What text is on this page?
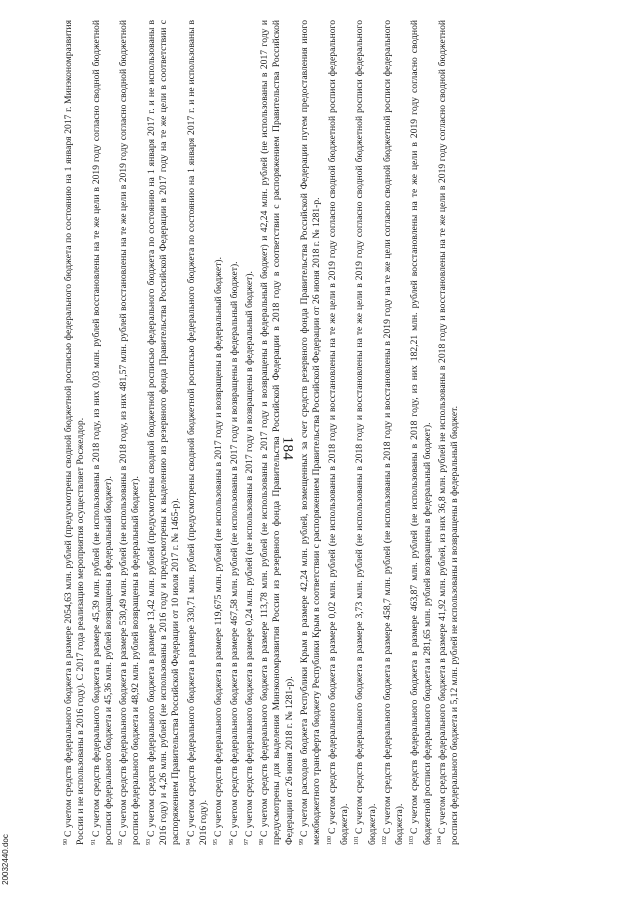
184
20032440.doc	$^{90}$С учетом средств федерального бюджета в размере 2054,63 млн. рублей (предусмотрены сводной бюджетной росписью федерального бюджета по состоянию на 1 января 2017 г. Минэкономразвития России и не использованы в 2016 году). С 2017 года реализацию мероприятия осуществляет Росжелдор. $^{91}$С учетом средств федерального бюджета в размере 45,39 млн. рублей (не использованы в 2018 году, из них 0,03 млн. рублей восстановлены на те же цели в 2019 году согласно сводной бюджетной росписи федерального бюджета и 45,36 млн. рублей возвращены в федеральный бюджет). $^{92}$С учетом средств федерального бюджета в размере 530,49 млн. рублей (не использованы в 2018 году, из них 481,57 млн. рублей восстановлены на те же цели в 2019 году согласно сводной бюджетной росписи федерального бюджета и 48,92 млн. рублей возвращены в федеральный бюджет). $^{93}$С учетом средств федерального бюджета в размере 13,42 млн. рублей (предусмотрены сводной бюджетной росписью федерального бюджета по состоянию на 1 января 2017 г. и не использованы в 2016 году) и 4,26 млн. рублей (не использованы в 2016 году и предусмотрены к выделению из резервного фонда Правительства Российской Федерации в 2017 году на те же цели в соответствии с распоряжением Правительства Российской Федерации от 10 июля 2017 г. № 1465-р). $^{94}$С учетом средств федерального бюджета в размере 330,71 млн. рублей (предусмотрены сводной бюджетной росписью федерального бюджета по состоянию на 1 января 2017 г. и не использованы в 2016 году). $^{95}$С учетом средств федерального бюджета в размере 119,675 млн. рублей (не использованы в 2017 году и возвращены в федеральный бюджет).

$^{96}$С учетом средств федерального бюджета в размере 467,58 млн. рублей (не использованы в 2017 году и возвращены в федеральный бюджет).

$^{97}$С учетом средств федерального бюджета в размере 0,24 млн. рублей (не использованы в 2017 году и возвращены в федеральный бюджет).

$^{98}$С учетом средств федерального бюджета в размере 113,78 млн. рублей (не использованы в 2017 году и возвращены в федеральный бюджет) и 42,24 млн. рублей (не использованы в 2017 году и предусмотрены для выделения Минэкономразвития России из резервного фонда Правительства Российской Федерации в 2018 году в соответствии с распоряжением Правительства Российской Федерации от 26 июня 2018 г. № 1281-р). $^{99}$С учетом расходов бюджета Республики Крым в размере 42,24 млн. рублей, возмещенных за счет средств резервного фонда Правительства Российской Федерации путем предоставления иного межбюджетного трансферта бюджету Республики Крым в соответствии с распоряжением Правительства Российской Федерации от 26 июня 2018 г. № 1281-р. $^{100}$С учетом средств федерального бюджета в размере 0,02 млн. рублей (не использованы в 2018 году и восстановлены на те же цели в 2019 году согласно сводной бюджетной росписи федерального бюджета). $^{101}$С учетом средств федерального бюджета в размере 3,73 млн. рублей (не использованы в 2018 году и восстановлены на те же цели в 2019 году согласно сводной бюджетной росписи федерального бюджета). $^{102}$С учетом средств федерального бюджета в размере 458,7 млн. рублей (не использованы в 2018 году и восстановлены в 2019 году на те же цели согласно сводной бюджетной росписи федерального бюджета). $^{103}$С учетом средств федерального бюджета в размере 463,87 млн. рублей (не использованы в 2018 году, из них 182,21 млн. рублей восстановлены на те же цели в 2019 году согласно сводной бюджетной росписи федерального бюджета и 281,65 млн. рублей возвращены в федеральный бюджет). $^{104}$С учетом средств федерального бюджета в размере 41,92 млн. рублей, из них 36,8 млн. рублей не использованы в 2018 году и восстановлены на те же цели в 2019 году согласно сводной бюджетной росписи федерального бюджета и 5,12 млн. рублей не использованы и возвращены в федеральный бюджет.
